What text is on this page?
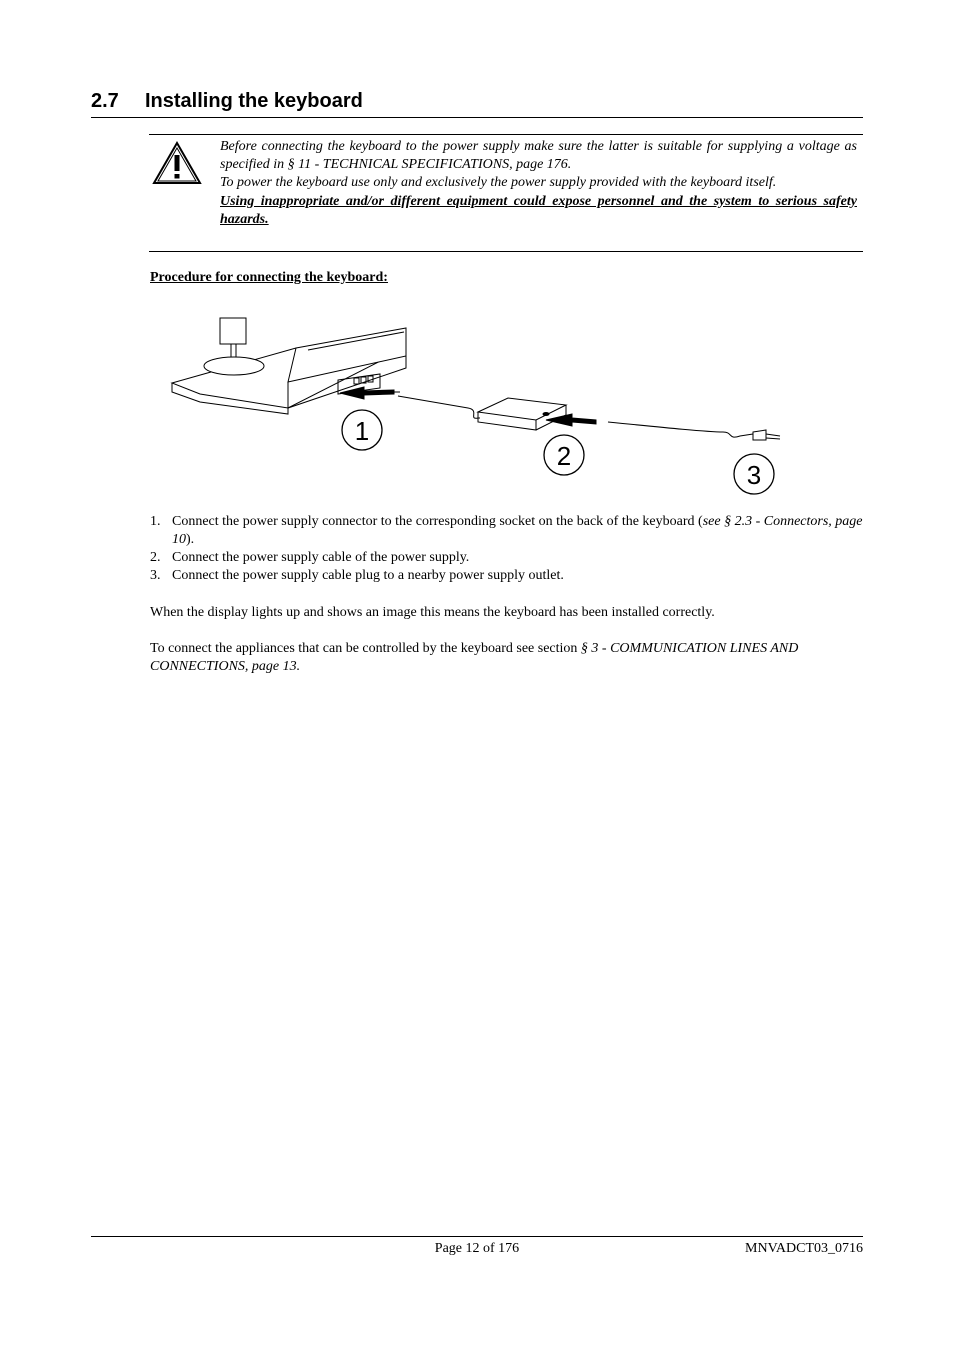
2.7 Installing the keyboard

Before connecting the keyboard to the power supply make sure the latter is suitable for supplying a voltage as specified in § 11 - TECHNICAL SPECIFICATIONS, page 176.

To power the keyboard use only and exclusively the power supply provided with the keyboard itself.

Using inappropriate and/or different equipment could expose personnel and the system to serious safety hazards.

Procedure for connecting the keyboard:
1
2
3
1. Connect the power supply connector to the corresponding socket on the back of the keyboard (see § 2.3 - Connectors, page 10).
2. Connect the power supply cable of the power supply.
3. Connect the power supply cable plug to a nearby power supply outlet.

When the display lights up and shows an image this means the keyboard has been installed correctly.

To connect the appliances that can be controlled by the keyboard see section § 3 - COMMUNICATION LINES AND CONNECTIONS, page 13.

Page 12 of 176	MNVADCT03_0716
